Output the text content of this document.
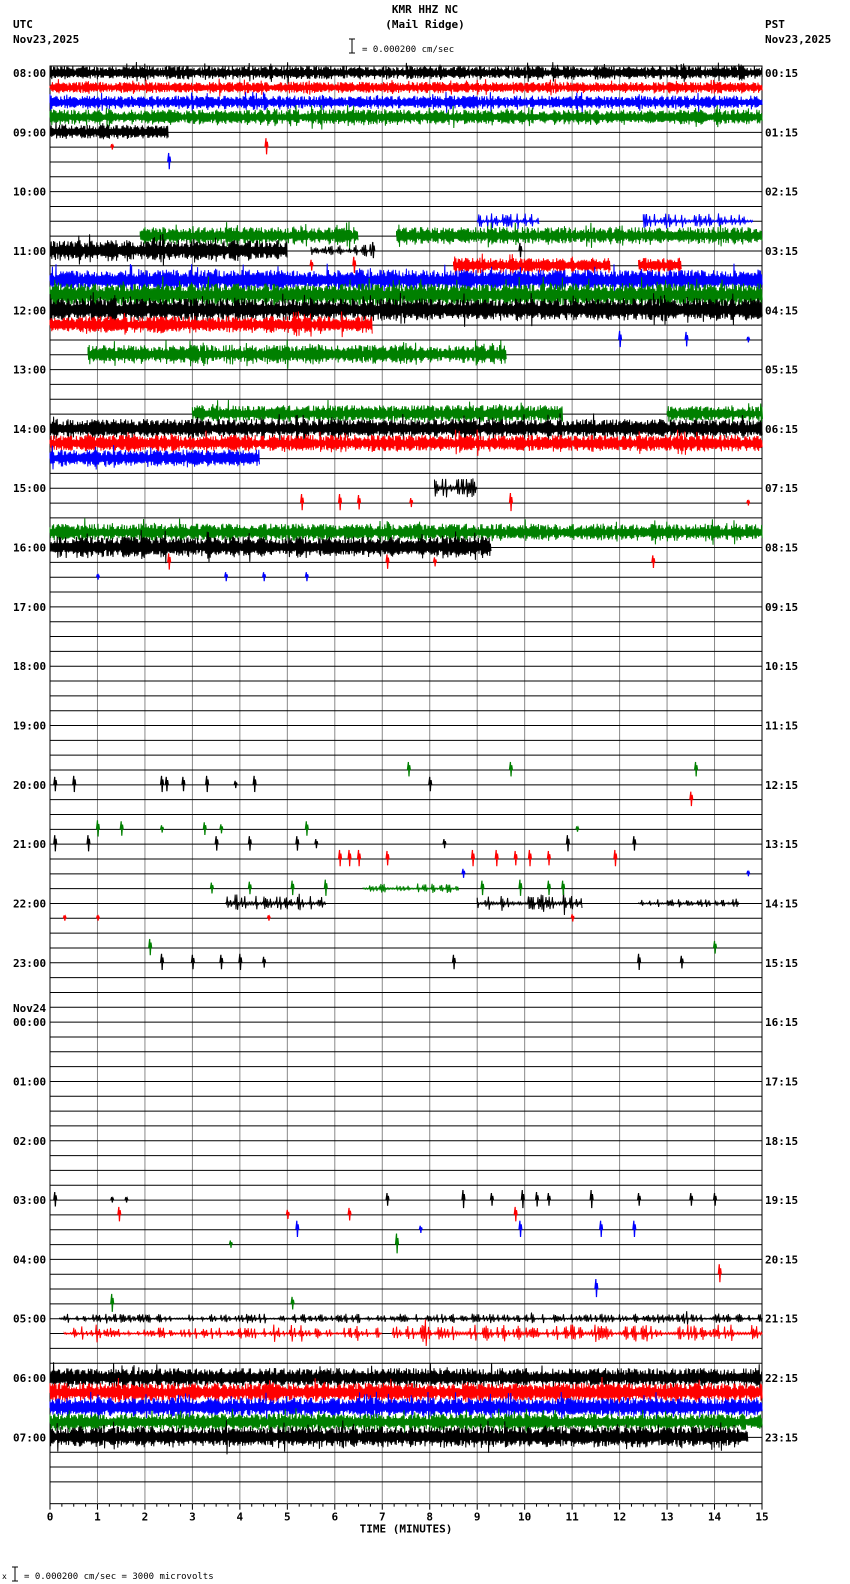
KMR HHZ NC
(Mail Ridge)
UTC
Nov23,2025
PST
Nov23,2025
= 0.000200 cm/sec
0	1	2	3	4	5	6	7	8	9	10	11	12	13	14	15
TIME (MINUTES)
08:00
09:00
10:00
11:00
12:00
13:00
14:00
15:00
16:00
17:00
18:00
19:00
20:00
21:00
22:00
23:00
Nov24
00:00
01:00
02:00
03:00
04:00
05:00
06:00
07:00
00:15
01:15
02:15
03:15
04:15
05:15
06:15
07:15
08:15
09:15
10:15
11:15
12:15
13:15
14:15
15:15
16:15
17:15
18:15
19:15
20:15
21:15
22:15
23:15
x = 0.000200 cm/sec = 3000 microvolts
